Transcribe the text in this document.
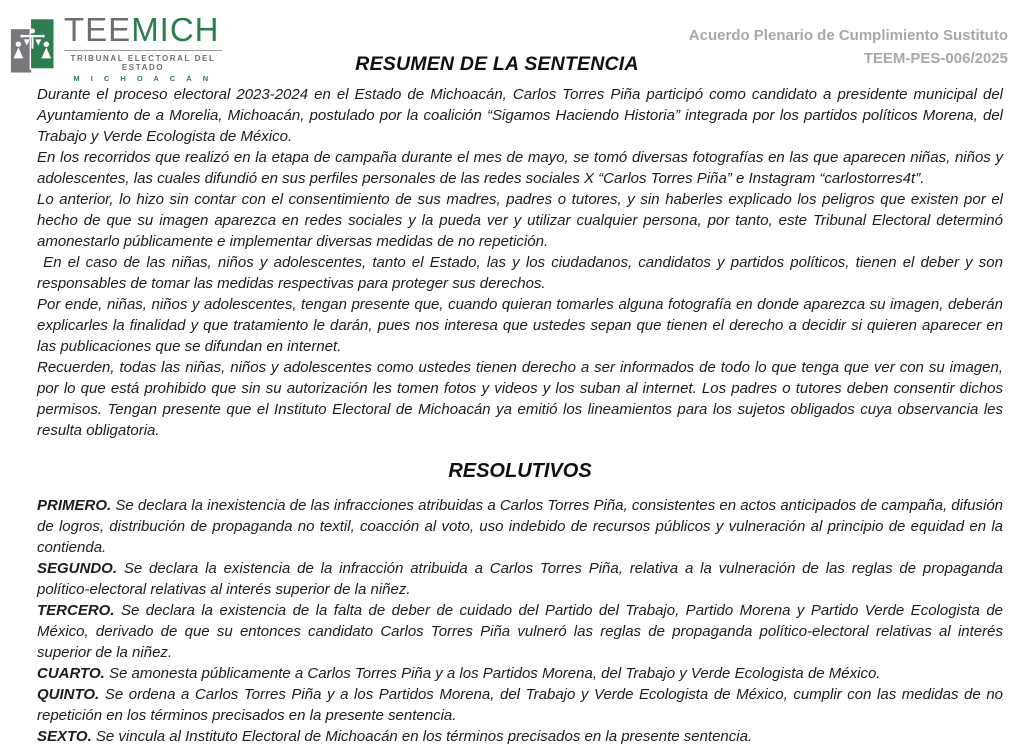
TEEMICH
TRIBUNAL ELECTORAL DEL ESTADO
M I C H O A C Á N
Acuerdo Plenario de Cumplimiento Sustituto
TEEM-PES-006/2025
RESUMEN DE LA SENTENCIA

Durante el proceso electoral 2023-2024 en el Estado de Michoacán, Carlos Torres Piña participó como candidato a presidente municipal del Ayuntamiento de a Morelia, Michoacán, postulado por la coalición “Sigamos Haciendo Historia” integrada por los partidos políticos Morena, del Trabajo y Verde Ecologista de México.

En los recorridos que realizó en la etapa de campaña durante el mes de mayo, se tomó diversas fotografías en las que aparecen niñas, niños y adolescentes, las cuales difundió en sus perfiles personales de las redes sociales X “Carlos Torres Piña” e Instagram “carlostorres4t”.

Lo anterior, lo hizo sin contar con el consentimiento de sus madres, padres o tutores, y sin haberles explicado los peligros que existen por el hecho de que su imagen aparezca en redes sociales y la pueda ver y utilizar cualquier persona, por tanto, este Tribunal Electoral determinó amonestarlo públicamente e implementar diversas medidas de no repetición.

En el caso de las niñas, niños y adolescentes, tanto el Estado, las y los ciudadanos, candidatos y partidos políticos, tienen el deber y son responsables de tomar las medidas respectivas para proteger sus derechos.

Por ende, niñas, niños y adolescentes, tengan presente que, cuando quieran tomarles alguna fotografía en donde aparezca su imagen, deberán explicarles la finalidad y que tratamiento le darán, pues nos interesa que ustedes sepan que tienen el derecho a decidir si quieren aparecer en las publicaciones que se difundan en internet.

Recuerden, todas las niñas, niños y adolescentes como ustedes tienen derecho a ser informados de todo lo que tenga que ver con su imagen, por lo que está prohibido que sin su autorización les tomen fotos y videos y los suban al internet. Los padres o tutores deben consentir dichos permisos. Tengan presente que el Instituto Electoral de Michoacán ya emitió los lineamientos para los sujetos obligados cuya observancia les resulta obligatoria.

RESOLUTIVOS

PRIMERO. Se declara la inexistencia de las infracciones atribuidas a Carlos Torres Piña, consistentes en actos anticipados de campaña, difusión de logros, distribución de propaganda no textil, coacción al voto, uso indebido de recursos públicos y vulneración al principio de equidad en la contienda.

SEGUNDO. Se declara la existencia de la infracción atribuida a Carlos Torres Piña, relativa a la vulneración de las reglas de propaganda político-electoral relativas al interés superior de la niñez.

TERCERO. Se declara la existencia de la falta de deber de cuidado del Partido del Trabajo, Partido Morena y Partido Verde Ecologista de México, derivado de que su entonces candidato Carlos Torres Piña vulneró las reglas de propaganda político-electoral relativas al interés superior de la niñez.

CUARTO. Se amonesta públicamente a Carlos Torres Piña y a los Partidos Morena, del Trabajo y Verde Ecologista de México.

QUINTO. Se ordena a Carlos Torres Piña y a los Partidos Morena, del Trabajo y Verde Ecologista de México, cumplir con las medidas de no repetición en los términos precisados en la presente sentencia.

SEXTO. Se vincula al Instituto Electoral de Michoacán en los términos precisados en la presente sentencia.
